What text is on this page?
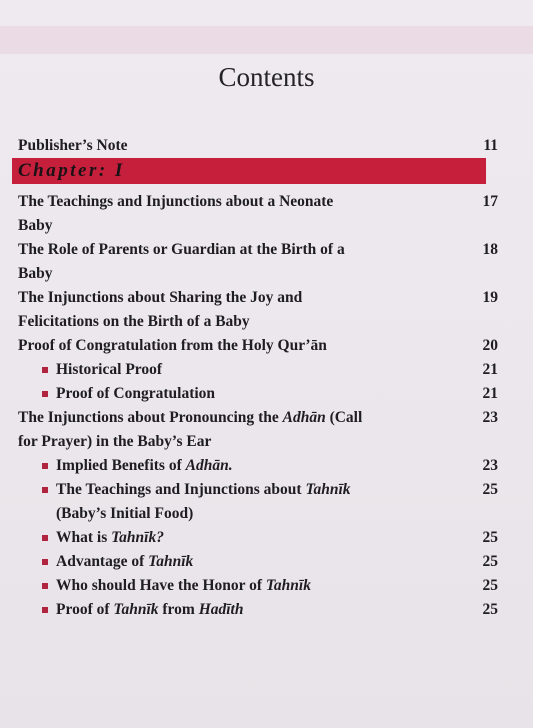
Contents
Chapter: I
Publisher’s Note	11
The Teachings and Injunctions about a Neonate
Baby
17
The Role of Parents or Guardian at the Birth of a
Baby
18
The Injunctions about Sharing the Joy and
Felicitations on the Birth of a Baby
19
Proof of Congratulation from the Holy Qur’ān	20
Historical Proof	21
Proof of Congratulation	21
The Injunctions about Pronouncing the Adhān (Call
for Prayer) in the Baby’s Ear
23
Implied Benefits of Adhān.	23
The Teachings and Injunctions about Tahnīk
(Baby’s Initial Food)
25
What is Tahnīk?	25
Advantage of Tahnīk	25
Who should Have the Honor of Tahnīk	25
Proof of Tahnīk from Hadīth	25
